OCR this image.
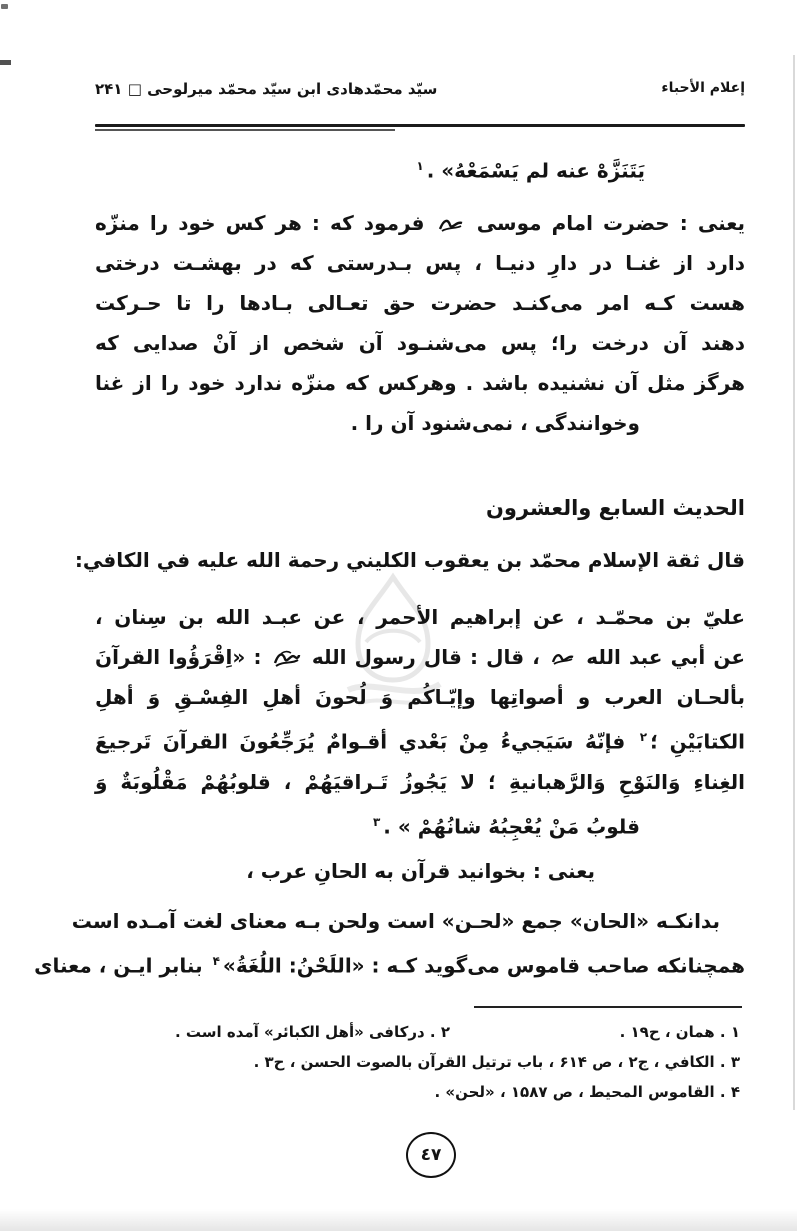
إعلام الأحباء
سيّد محمّدهادى ابن سيّد محمّد ميرلوحى □ ۲۴۱
يَتَنَزَّهْ عنه لم يَسْمَعْهُ» .$^۱$
يعنى : حضرت امام موسى  فرمود كه : هر كس خود را منزّه
دارد از غنـا در دارِ دنيـا ، پس بـدرستى كه در بهشـت درختى
هست كـه امر مى‌كنـد حضرت حق تعـالى بـادها را تا حـركت
دهند آن درخت را؛ پس مى‌شنـود آن شخص از آنْ صدايى كه
هرگز مثل آن نشنيده باشد . وهركس كه منزّه ندارد خود را از غنا
وخوانندگى ، نمى‌شنود آن را .
الحديث السابع والعشرون
قال ثقة الإسلام محمّد بن يعقوب الكليني رحمة الله عليه في الكافي:
عليّ بن محمّـد ، عن إبراهيم الأحمر ، عن عبـد الله بن سِنان ،
عن أبي عبد الله  ، قال : قال رسول الله  : «اِقْرَؤُوا القرآنَ
بألحـان العرب و أصواتِها وإيّـاكُم وَ لُحونَ أهلِ الفِسْـقِ وَ أهلِ
الكتابَيْنِ ؛$^۲$ فإنّهُ سَيَجيءُ مِنْ بَعْدي أقـوامٌ يُرَجِّعُونَ القرآنَ تَرجيعَ
الغِناءِ وَالنَوْحِ وَالرَّهبانيةِ ؛ لا يَجُوزُ تَـراقيَهُمْ ، قلوبُهُمْ مَقْلُوبَةٌ وَ
قلوبُ مَنْ يُعْجِبُهُ شانُهُمْ » .$^۳$
يعنى : بخوانيد قرآن به الحانِ عرب ،
بدانكـه «الحان» جمع «لحـن» است ولحن بـه معناى لغت آمـده است
همچنانكه صاحب قاموس مى‌گويد كـه : «اللَحْنُ: اللُغَةُ»$^۴$ بنابر ايـن ، معناى
١ . همان ، ح١٩ .
٢ . دركافى «أهل الكبائر» آمده است .
٣ . الكافي ، ج٢ ، ص ۶۱۴ ، باب ترتيل القرآن بالصوت الحسن ، ح٣ .
۴ . القاموس المحيط ، ص ۱۵۸۷ ، «لحن» .
٤٧
